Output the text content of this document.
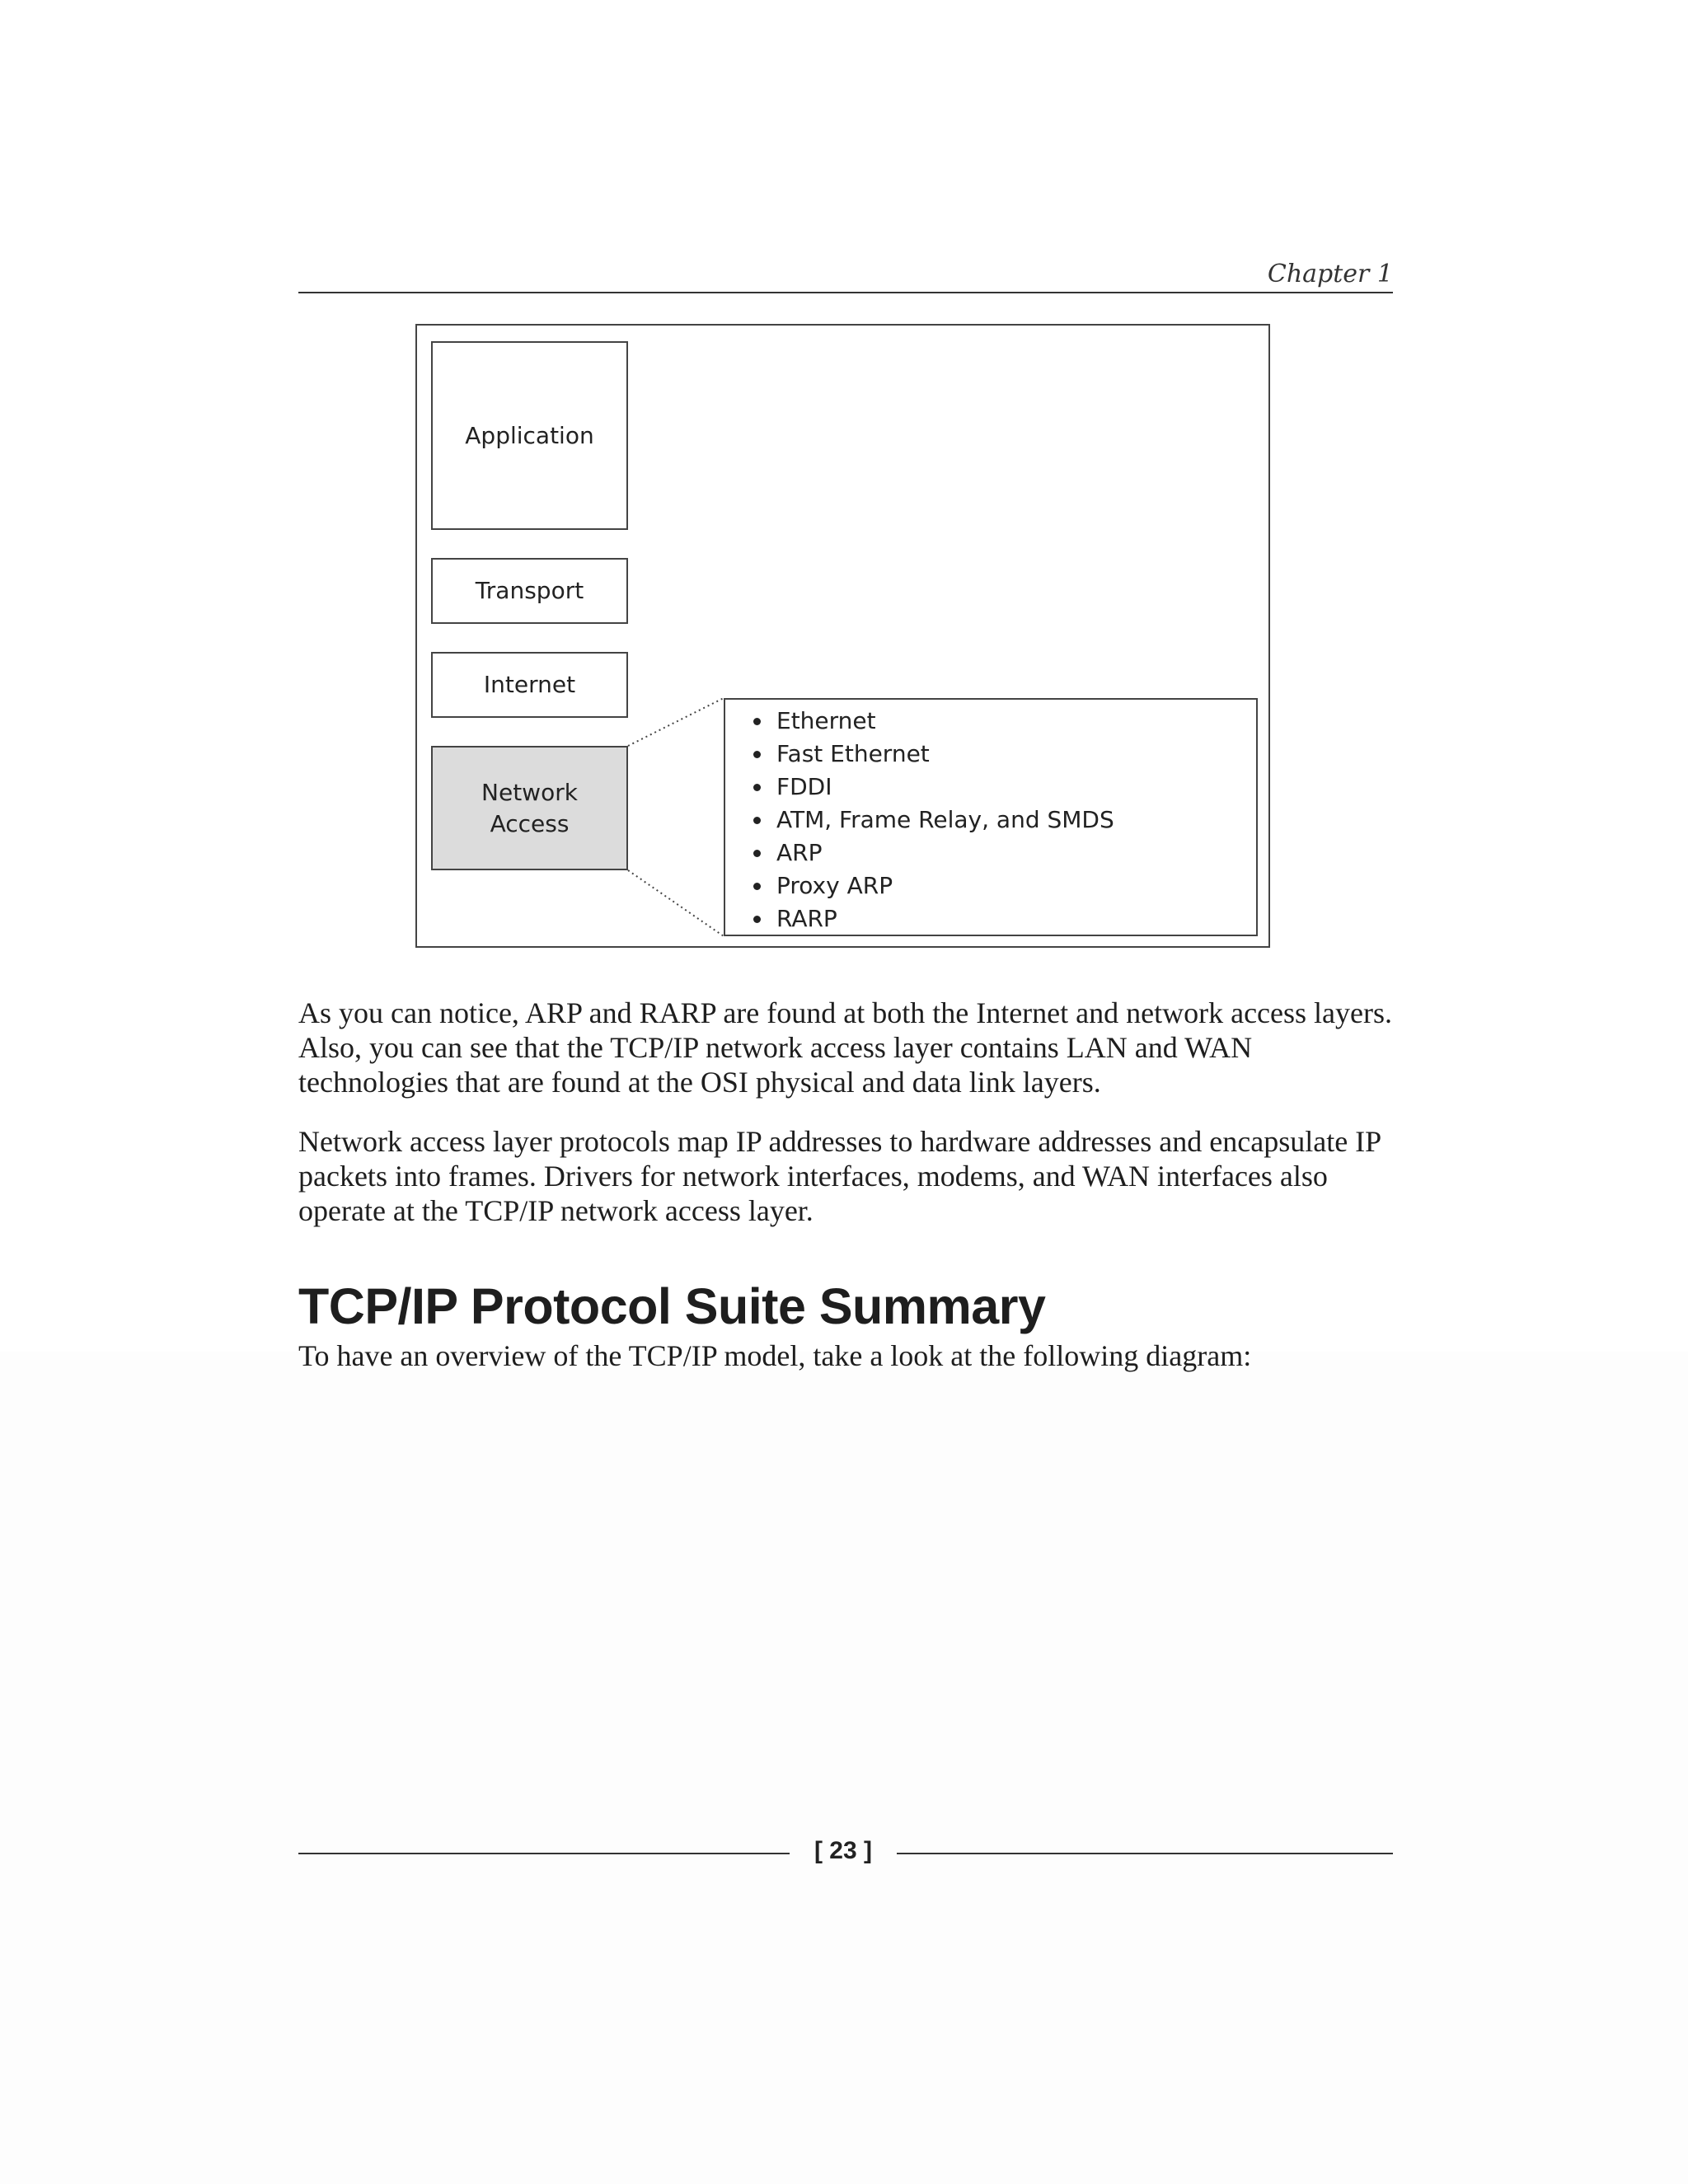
Chapter 1
Application
Transport
Internet
Network
Access
Ethernet
Fast Ethernet
FDDI
ATM, Frame Relay, and SMDS
ARP
Proxy ARP
RARP

As you can notice, ARP and RARP are found at both the Internet and network access layers. Also, you can see that the TCP/IP network access layer contains LAN and WAN technologies that are found at the OSI physical and data link layers.

Network access layer protocols map IP addresses to hardware addresses and encapsulate IP packets into frames. Drivers for network interfaces, modems, and WAN interfaces also operate at the TCP/IP network access layer.

TCP/IP Protocol Suite Summary

To have an overview of the TCP/IP model, take a look at the following diagram:

[ 23 ]
